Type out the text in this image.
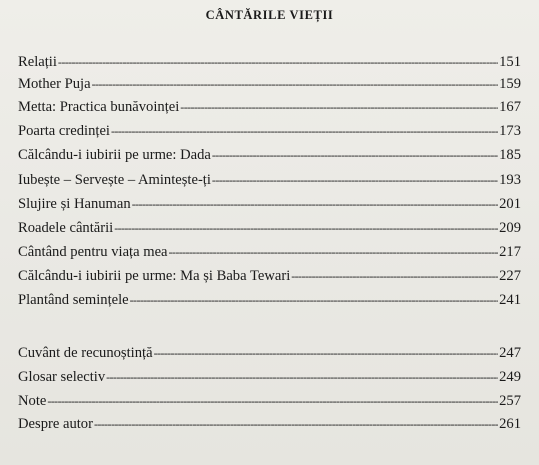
CÂNTĂRILE VIEȚII
Relații -----	151
Mother Puja -----	159
Metta: Practica bunăvoinței -----	167
Poarta credinței -----	173
Călcându-i iubirii pe urme: Dada -----	185
Iubește – Servește – Amintește-ți -----	193
Slujire și Hanuman -----	201
Roadele cântării -----	209
Cântând pentru viața mea -----	217
Călcându-i iubirii pe urme: Ma și Baba Tewari -----	227
Plantând semințele -----	241
Cuvânt de recunoștință -----	247
Glosar selectiv -----	249
Note -----	257
Despre autor -----	261
